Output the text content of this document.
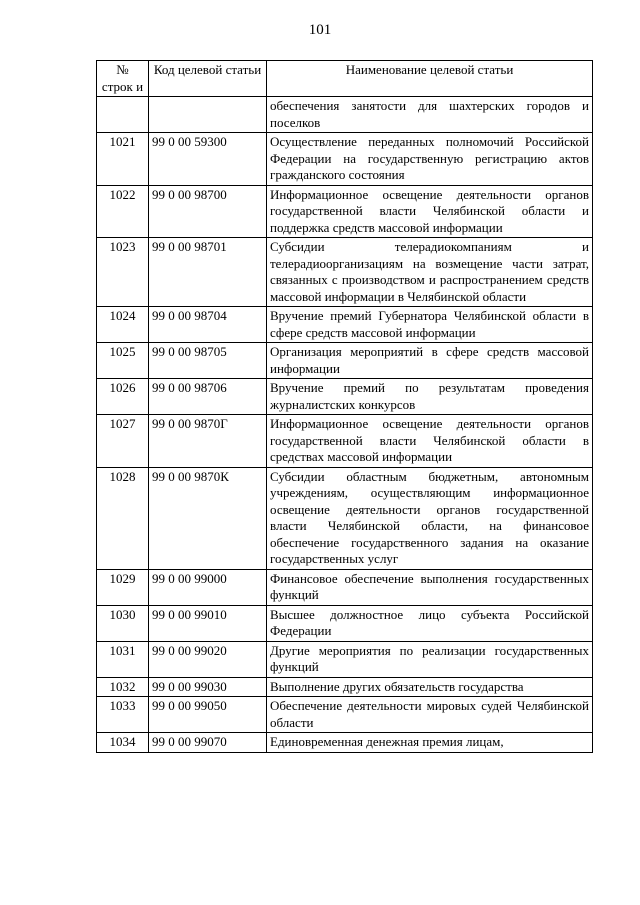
101
№ строк и	Код целевой статьи	Наименование целевой статьи
		обеспечения занятости для шахтерских городов и поселков
1021	99 0 00 59300	Осуществление переданных полномочий Российской Федерации на государственную регистрацию актов гражданского состояния
1022	99 0 00 98700	Информационное освещение деятельности органов государственной власти Челябинской области и поддержка средств массовой информации
1023	99 0 00 98701	Субсидии телерадиокомпаниям и телерадиоорганизациям на возмещение части затрат, связанных с производством и распространением средств массовой информации в Челябинской области
1024	99 0 00 98704	Вручение премий Губернатора Челябинской области в сфере средств массовой информации
1025	99 0 00 98705	Организация мероприятий в сфере средств массовой информации
1026	99 0 00 98706	Вручение премий по результатам проведения журналистских конкурсов
1027	99 0 00 9870Г	Информационное освещение деятельности органов государственной власти Челябинской области в средствах массовой информации
1028	99 0 00 9870К	Субсидии областным бюджетным, автономным учреждениям, осуществляющим информационное освещение деятельности органов государственной власти Челябинской области, на финансовое обеспечение государственного задания на оказание государственных услуг
1029	99 0 00 99000	Финансовое обеспечение выполнения государственных функций
1030	99 0 00 99010	Высшее должностное лицо субъекта Российской Федерации
1031	99 0 00 99020	Другие мероприятия по реализации государственных функций
1032	99 0 00 99030	Выполнение других обязательств государства
1033	99 0 00 99050	Обеспечение деятельности мировых судей Челябинской области
1034	99 0 00 99070	Единовременная денежная премия лицам,
